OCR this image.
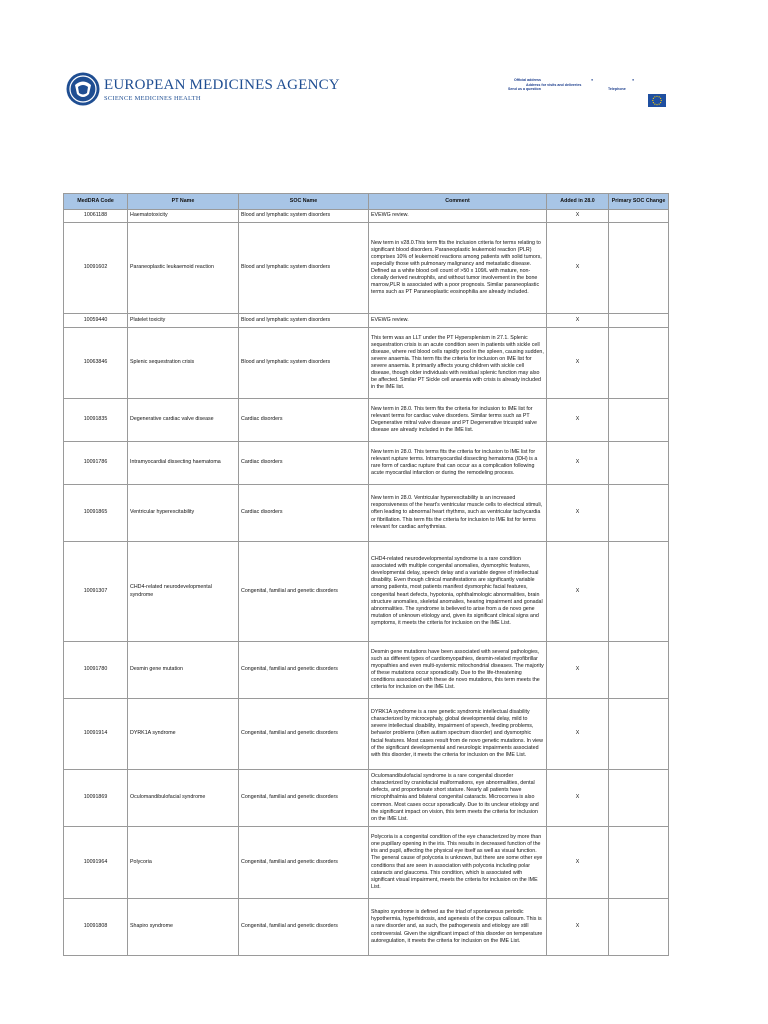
EUROPEAN MEDICINES AGENCY
SCIENCE MEDICINES HEALTH
Official address	●	●
Address for visits and deliveries
Send us a question	Telephone
MedDRA Code	PT Name	SOC Name	Comment	Added in 28.0	Primary SOC Change
10061188	Haematotoxicity	Blood and lymphatic system disorders	EVEWG review.	X	
10091602	Paraneoplastic leukaemoid reaction	Blood and lymphatic system disorders	New term in v28.0.This term fits the inclusion criteria for terms relating to significant blood disorders. Paraneoplastic leukemoid reaction (PLR) comprises 10% of leukemoid reactions among patients with solid tumors, especially those with pulmonary malignancy and metastatic disease. Defined as a white blood cell count of >50 x 109/L with mature, non-clonally derived neutrophils, and without tumor involvement in the bone marrow,PLR is associated with a poor prognosis. Similar paraneoplastic terms such as PT Paraneoplastic eosinophilia are already included.	X	
10059440	Platelet toxicity	Blood and lymphatic system disorders	EVEWG review.	X	
10063846	Splenic sequestration crisis	Blood and lymphatic system disorders	This term was an LLT under the PT Hypersplenism in 27.1. Splenic sequestration crisis is an acute condition seen in patients with sickle cell disease, where red blood cells rapidly pool in the spleen, causing sudden, severe anaemia. This term fits the criteria for inclusion on IME list for severe anaemia. It primarily affects young children with sickle cell disease, though older individuals with residual splenic function may also be affected. Similar PT Sickle cell anaemia with crisis is already included in the IME list.	X	
10091835	Degenerative cardiac valve disease	Cardiac disorders	New term in 28.0. This term fits the criteria for inclusion to IME list for relevant terms for cardiac valve disorders. Similar terms such as PT Degenerative mitral valve disease and PT Degenerative tricuspid valve disease are already included in the IME list.	X	
10091786	Intramyocardial dissecting haematoma	Cardiac disorders	New term in 28.0. This terms fits the criteria for inclusion to IME list for relevant rupture terms. Intramyocardial dissecting hematoma (IDH) is a rare form of cardiac rupture that can occur as a complication following acute myocardial infarction or during the remodeling process.	X	
10091865	Ventricular hyperexcitability	Cardiac disorders	New term in 28.0. Ventricular hyperexcitability is an increased responsiveness of the heart's ventricular muscle cells to electrical stimuli, often leading to abnormal heart rhythms, such as ventricular tachycardia or fibrillation. This term fits the criteria for inclusion to IME list for terms relevant for cardiac arrhythmias.	X	
10091307	CHD4-related neurodevelopmental syndrome	Congenital, familial and genetic disorders	CHD4-related neurodevelopmental syndrome is a rare condition associated with multiple congenital anomalies, dysmorphic features, developmental delay, speech delay and a variable degree of intellectual disability. Even though clinical manifestations are significantly variable among patients, most patients manifest dysmorphic facial features, congenital heart defects, hypotonia, ophthalmologic abnormalities, brain structure anomalies, skeletal anomalies, hearing impairment and gonadal abnormalities. The syndrome is believed to arise from a de novo gene mutation of unknown etiology and, given its significant clinical signs and symptoms, it meets the criteria for inclusion on the IME List.	X	
10091780	Desmin gene mutation	Congenital, familial and genetic disorders	Desmin gene mutations have been associated with several pathologies, such as different types of cardiomyopathies, desmin-related myofibrillar myopathies and even multi-systemic mitochondrial diseases. The majority of these mutations occur sporadically. Due to the life-threatening conditions associated with these de novo mutations, this term meets the criteria for inclusion on the IME List.	X	
10091914	DYRK1A syndrome	Congenital, familial and genetic disorders	DYRK1A syndrome is a rare genetic syndromic intellectual disability characterized by microcephaly, global developmental delay, mild to severe intellectual disability, impairment of speech, feeding problems, behavior problems (often autism spectrum disorder) and dysmorphic facial features. Most cases result from de novo genetic mutations. In view of the significant developmental and neurologic impairments associated with this disorder, it meets the criteria for inclusion on the IME List.	X	
10091869	Oculomandibulofacial syndrome	Congenital, familial and genetic disorders	Oculomandibulofacial syndrome is a rare congenital disorder characterized by craniofacial malformations, eye abnormalities, dental defects, and proportionate short stature. Nearly all patients have microphthalmia and bilateral congenital cataracts. Microcornea is also common. Most cases occur sporadically. Due to its unclear etiology and the significant impact on vision, this term meets the criteria for inclusion on the IME List.	X	
10091964	Polycoria	Congenital, familial and genetic disorders	Polycoria is a congenital condition of the eye characterized by more than one pupillary opening in the iris. This results in decreased function of the iris and pupil, affecting the physical eye itself as well as visual function. The general cause of polycoria is unknown, but there are some other eye conditions that are seen in association with polycoria including polar cataracts and glaucoma. This condition, which is associated with significant visual impairment, meets the criteria for inclusion on the IME List.	X	
10091808	Shapiro syndrome	Congenital, familial and genetic disorders	Shapiro syndrome is defined as the triad of spontaneous periodic hypothermia, hyperhidrosis, and agenesis of the corpus callosum. This is a rare disorder and, as such, the pathogenesis and etiology are still controversial. Given the significant impact of this disorder on temperature autoregulation, it meets the criteria for inclusion on the IME List.	X	
